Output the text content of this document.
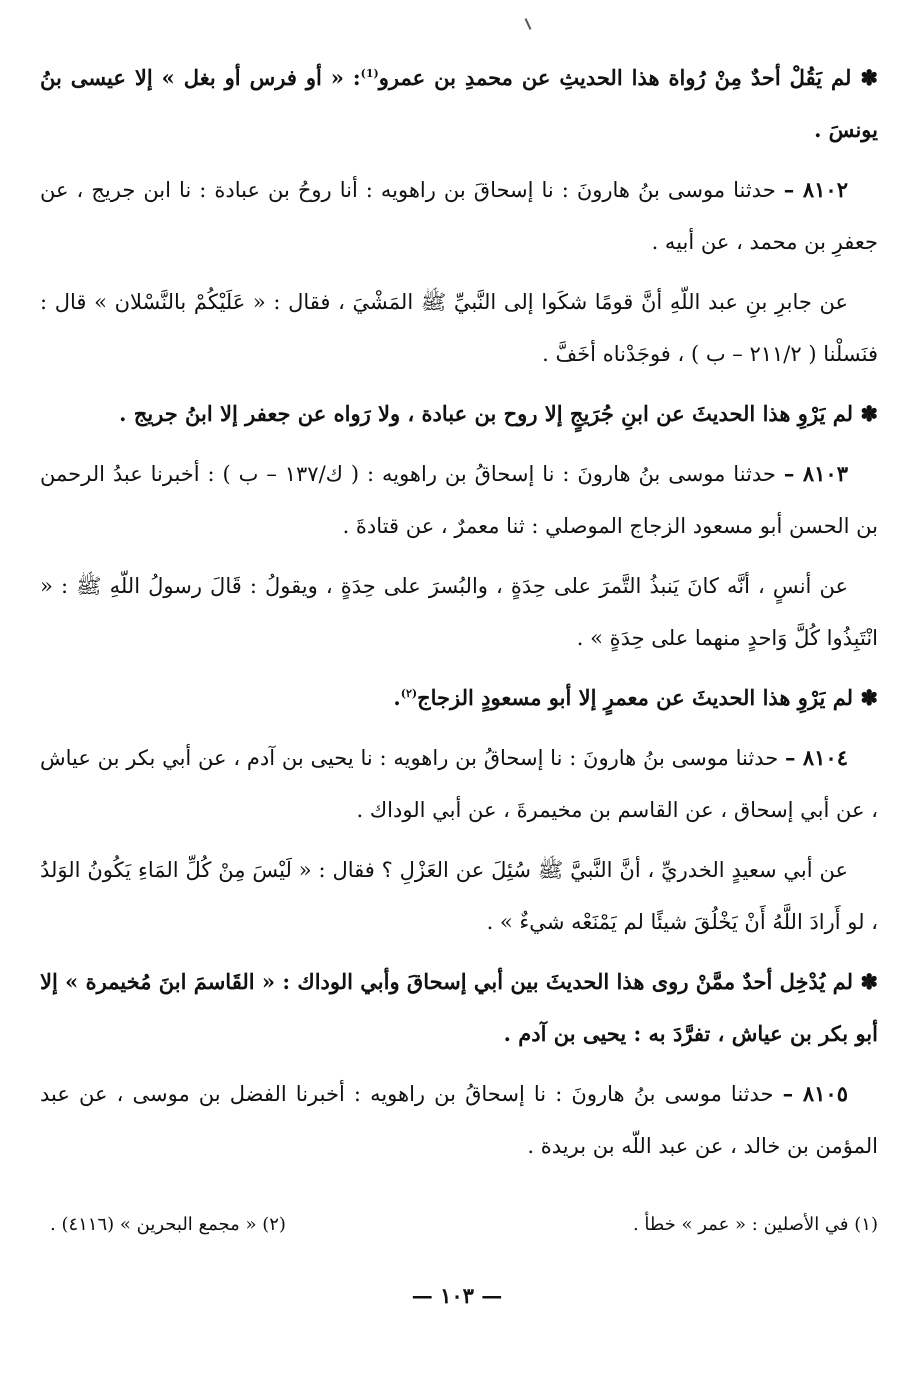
✽ لم يَقُلْ أحدٌ مِنْ رُواة هذا الحديثِ عن محمدِ بن عمرو$^{(1)}$: « أو فرس أو بغل » إلا عيسى بنُ يونسَ .

٨١٠٢ – حدثنا موسى بنُ هارونَ : نا إسحاقَ بن راهويه : أنا روحُ بن عبادة : نا ابن جريج ، عن جعفرِ بن محمد ، عن أبيه .

عن جابرِ بنِ عبد اللّهِ أنَّ قومًا شكَوا إلى النَّبيِّ ﷺ المَشْيَ ، فقال : « عَلَيْكُمْ بالنَّسْلان » قال : فنَسلْنا ( ٢١١/٢ – ب ) ، فوجَدْناه أخَفَّ .

✽ لم يَرْوِ هذا الحديثَ عن ابنِ جُرَيجٍ إلا روح بن عبادة ، ولا رَواه عن جعفر إلا ابنُ جريج .

٨١٠٣ – حدثنا موسى بنُ هارونَ : نا إسحاقُ بن راهويه : ( ك/١٣٧ – ب ) : أخبرنا عبدُ الرحمن بن الحسن أبو مسعود الزجاج الموصلي : ثنا معمرٌ ، عن قتادةَ .

عن أنسٍ ، أنَّه كانَ يَنبذُ التَّمرَ على حِدَةٍ ، والبُسرَ على حِدَةٍ ، ويقولُ : قَالَ رسولُ اللّهِ ﷺ : « انْتَبِذُوا كُلَّ وَاحدٍ منهما على حِدَةٍ » .

✽ لم يَرْوِ هذا الحديثَ عن معمرٍ إلا أبو مسعودٍ الزجاج$^{(٢)}$.

٨١٠٤ – حدثنا موسى بنُ هارونَ : نا إسحاقُ بن راهويه : نا يحيى بن آدم ، عن أبي بكر بن عياش ، عن أبي إسحاق ، عن القاسم بن مخيمرةَ ، عن أبي الوداك .

عن أبي سعيدٍ الخدريِّ ، أنَّ النَّبيَّ ﷺ سُئِلَ عن العَزْلِ ؟ فقال : « لَيْسَ مِنْ كُلِّ المَاءِ يَكُونُ الوَلدُ ، لو أَرادَ اللَّهُ أَنْ يَخْلُقَ شيئًا لم يَمْنَعْه شيءٌ » .

✽ لم يُدْخِل أحدٌ ممَّنْ روى هذا الحديثَ بين أبي إسحاقَ وأبي الوداك : « القَاسمَ ابنَ مُخيمرة » إلا أبو بكر بن عياش ، تفرَّدَ به : يحيى بن آدم .

٨١٠٥ – حدثنا موسى بنُ هارونَ : نا إسحاقُ بن راهويه : أخبرنا الفضل بن موسى ، عن عبد المؤمن بن خالد ، عن عبد اللّه بن بريدة .

(١) في الأصلين : « عمر » خطأ .
(٢) « مجمع البحرين » (٤١١٦) .
— ١٠٣ —
